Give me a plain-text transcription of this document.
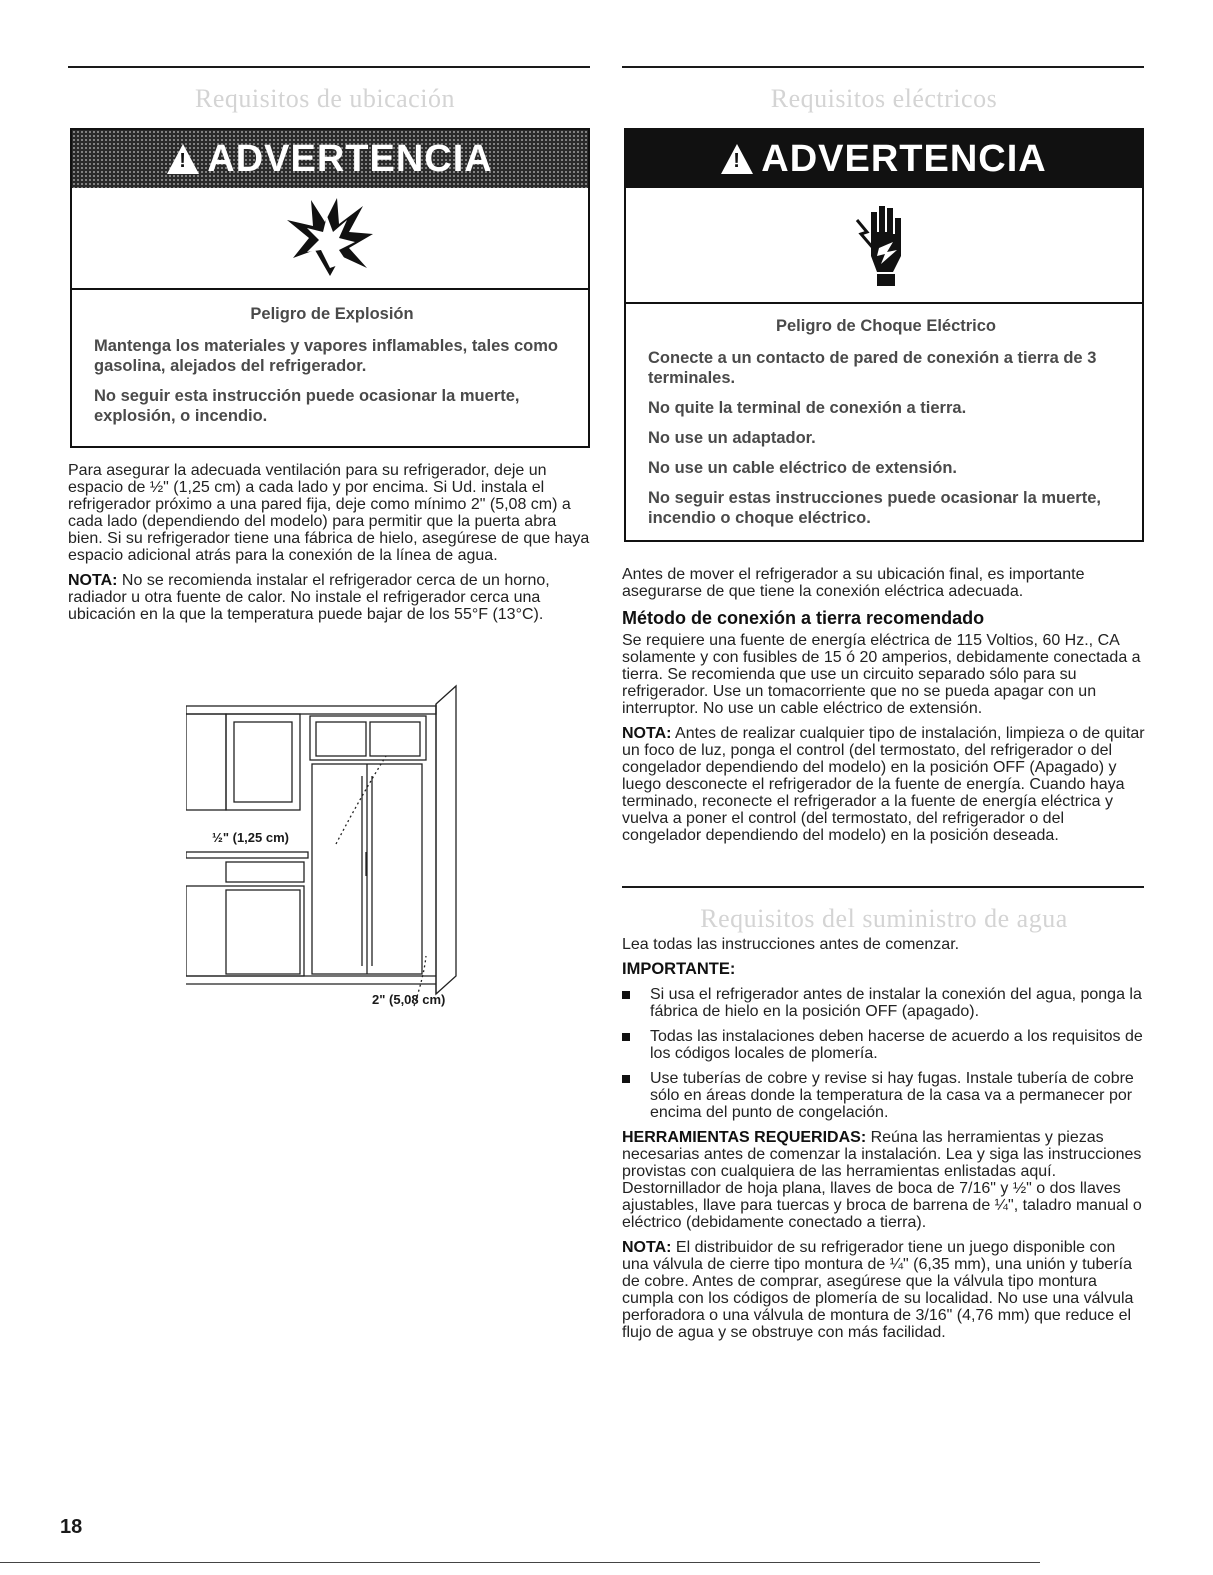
Requisitos de ubicación
!
ADVERTENCIA

Peligro de Explosión

Mantenga los materiales y vapores inflamables, tales como gasolina, alejados del refrigerador.

No seguir esta instrucción puede ocasionar la muerte, explosión, o incendio.

Para asegurar la adecuada ventilación para su refrigerador, deje un espacio de ½" (1,25 cm) a cada lado y por encima. Si Ud. instala el refrigerador próximo a una pared fija, deje como mínimo 2" (5,08 cm) a cada lado (dependiendo del modelo) para permitir que la puerta abra bien. Si su refrigerador tiene una fábrica de hielo, asegúrese de que haya espacio adicional atrás para la conexión de la línea de agua.

NOTA: No se recomienda instalar el refrigerador cerca de un horno, radiador u otra fuente de calor. No instale el refrigerador cerca una ubicación en la que la temperatura puede bajar de los 55°F (13°C).

½" (1,25 cm)
2" (5,08 cm)
Requisitos eléctricos
!
ADVERTENCIA

Peligro de Choque Eléctrico

Conecte a un contacto de pared de conexión a tierra de 3 terminales.

No quite la terminal de conexión a tierra.

No use un adaptador.

No use un cable eléctrico de extensión.

No seguir estas instrucciones puede ocasionar la muerte, incendio o choque eléctrico.

Antes de mover el refrigerador a su ubicación final, es importante asegurarse de que tiene la conexión eléctrica adecuada.

Método de conexión a tierra recomendado

Se requiere una fuente de energía eléctrica de 115 Voltios, 60 Hz., CA solamente y con fusibles de 15 ó 20 amperios, debidamente conectada a tierra. Se recomienda que use un circuito separado sólo para su refrigerador. Use un tomacorriente que no se pueda apagar con un interruptor. No use un cable eléctrico de extensión.

NOTA: Antes de realizar cualquier tipo de instalación, limpieza o de quitar un foco de luz, ponga el control (del termostato, del refrigerador o del congelador dependiendo del modelo) en la posición OFF (Apagado) y luego desconecte el refrigerador de la fuente de energía. Cuando haya terminado, reconecte el refrigerador a la fuente de energía eléctrica y vuelva a poner el control (del termostato, del refrigerador o del congelador dependiendo del modelo) en la posición deseada.

Requisitos del suministro de agua

Lea todas las instrucciones antes de comenzar.

IMPORTANTE:

Si usa el refrigerador antes de instalar la conexión del agua, ponga la fábrica de hielo en la posición OFF (apagado).
Todas las instalaciones deben hacerse de acuerdo a los requisitos de los códigos locales de plomería.
Use tuberías de cobre y revise si hay fugas. Instale tubería de cobre sólo en áreas donde la temperatura de la casa va a permanecer por encima del punto de congelación.

HERRAMIENTAS REQUERIDAS: Reúna las herramientas y piezas necesarias antes de comenzar la instalación. Lea y siga las instrucciones provistas con cualquiera de las herramientas enlistadas aquí. Destornillador de hoja plana, llaves de boca de 7/16" y ½" o dos llaves ajustables, llave para tuercas y broca de barrena de ¼", taladro manual o eléctrico (debidamente conectado a tierra).

NOTA: El distribuidor de su refrigerador tiene un juego disponible con una válvula de cierre tipo montura de ¼" (6,35 mm), una unión y tubería de cobre. Antes de comprar, asegúrese que la válvula tipo montura cumpla con los códigos de plomería de su localidad. No use una válvula perforadora o una válvula de montura de 3/16" (4,76 mm) que reduce el flujo de agua y se obstruye con más facilidad.

18
